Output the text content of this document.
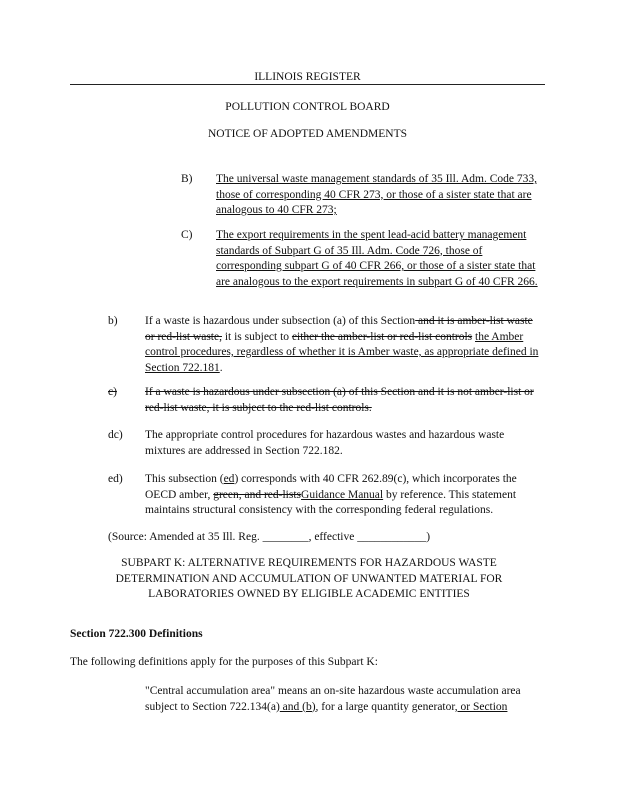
ILLINOIS REGISTER
POLLUTION CONTROL BOARD
NOTICE OF ADOPTED AMENDMENTS
B) The universal waste management standards of 35 Ill. Adm. Code 733, those of corresponding 40 CFR 273, or those of a sister state that are analogous to 40 CFR 273;
C) The export requirements in the spent lead-acid battery management standards of Subpart G of 35 Ill. Adm. Code 726, those of corresponding subpart G of 40 CFR 266, or those of a sister state that are analogous to the export requirements in subpart G of 40 CFR 266.
b) If a waste is hazardous under subsection (a) of this Section and it is amber-list waste or red-list waste, it is subject to either the amber-list or red-list controls the Amber control procedures, regardless of whether it is Amber waste, as appropriate defined in Section 722.181.
c) If a waste is hazardous under subsection (a) of this Section and it is not amber-list or red-list waste, it is subject to the red-list controls.
dc) The appropriate control procedures for hazardous wastes and hazardous waste mixtures are addressed in Section 722.182.
ed) This subsection (ed) corresponds with 40 CFR 262.89(c), which incorporates the OECD amber, green, and red-listsGuidance Manual by reference. This statement maintains structural consistency with the corresponding federal regulations.
(Source: Amended at 35 Ill. Reg. ________, effective ____________)
SUBPART K: ALTERNATIVE REQUIREMENTS FOR HAZARDOUS WASTE DETERMINATION AND ACCUMULATION OF UNWANTED MATERIAL FOR LABORATORIES OWNED BY ELIGIBLE ACADEMIC ENTITIES
Section 722.300 Definitions
The following definitions apply for the purposes of this Subpart K:
"Central accumulation area" means an on-site hazardous waste accumulation area subject to Section 722.134(a) and (b), for a large quantity generator, or Section
